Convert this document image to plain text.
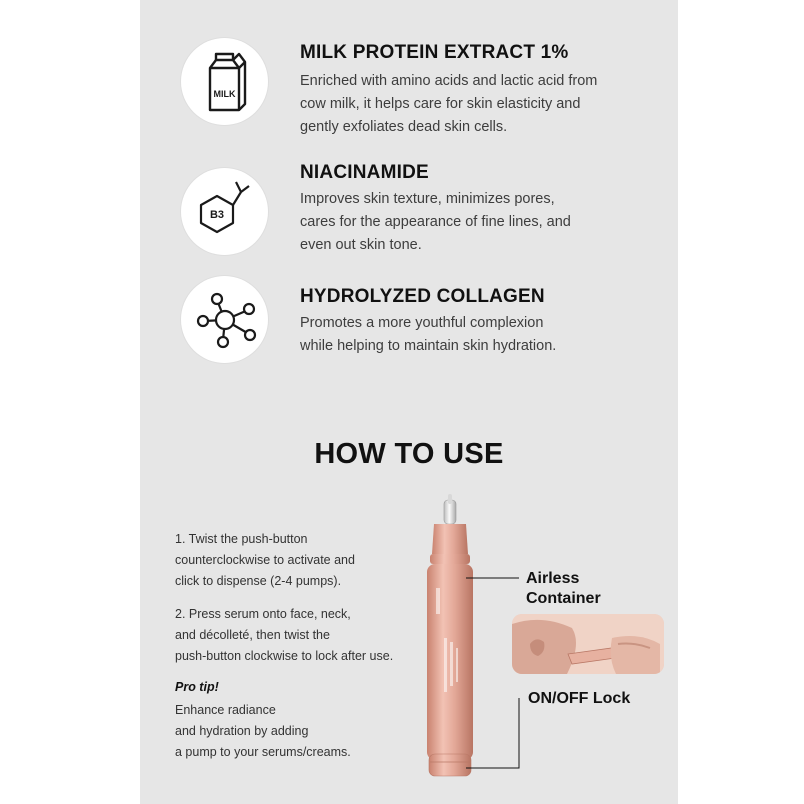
MILK
MILK PROTEIN EXTRACT 1%
Enriched with amino acids and lactic acid from
cow milk, it helps care for skin elasticity and
gently exfoliates dead skin cells.
B3
NIACINAMIDE
Improves skin texture, minimizes pores,
cares for the appearance of fine lines, and
even out skin tone.
HYDROLYZED COLLAGEN
Promotes a more youthful complexion
while helping to maintain skin hydration.
HOW TO USE
1. Twist the push-button
counterclockwise to activate and
click to dispense (2-4 pumps).
2. Press serum onto face, neck,
and décolleté, then twist the
push-button clockwise to lock after use.
Pro tip!
Enhance radiance
and hydration by adding
a pump to your serums/creams.
Airless
Container
ON/OFF Lock
